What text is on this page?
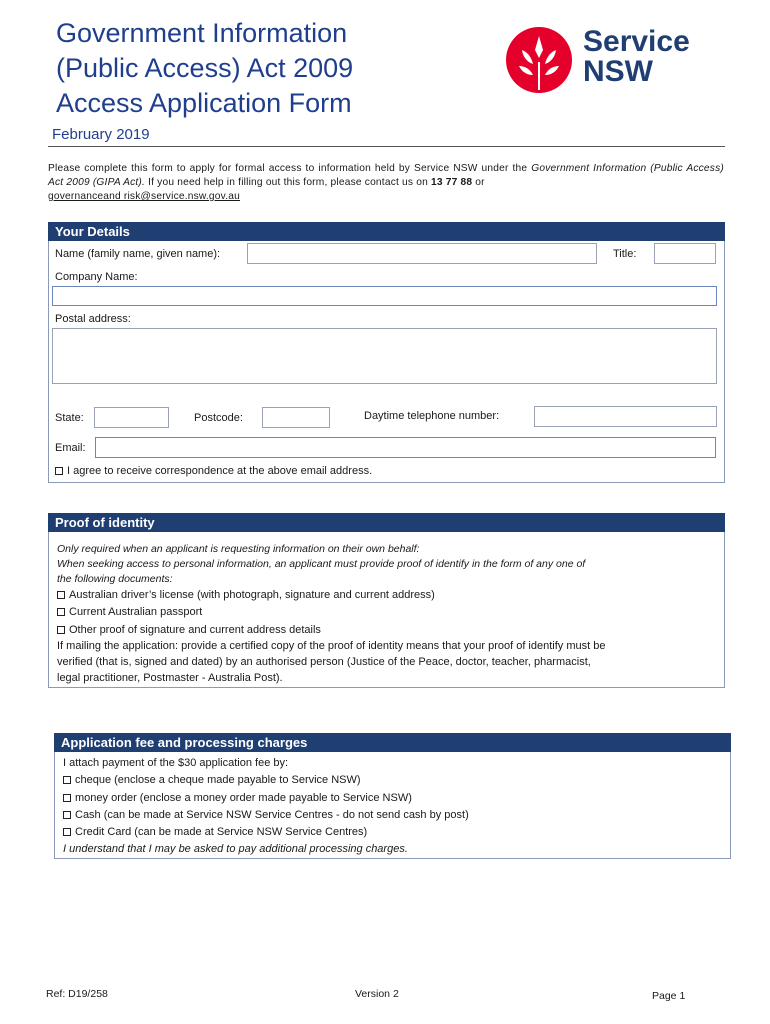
Government Information
(Public Access) Act 2009
Access Application Form
Service
NSW
February 2019
Please complete this form to apply for formal access to information held by Service NSW under the Government Information (Public Access) Act 2009 (GIPA Act). If you need help in filling out this form, please contact us on 13 77 88 or
governanceand risk@service.nsw.gov.au
Your Details
Name (family name, given name):	Title:
Company Name:
Postal address:
State:	Postcode:	Daytime telephone number:
Email:
I agree to receive correspondence at the above email address.
Proof of identity
Only required when an applicant is requesting information on their own behalf:
When seeking access to personal information, an applicant must provide proof of identify in the form of any one of
the following documents:
Australian driver’s license (with photograph, signature and current address)
Current Australian passport
Other proof of signature and current address details
If mailing the application: provide a certified copy of the proof of identity means that your proof of identify must be
verified (that is, signed and dated) by an authorised person (Justice of the Peace, doctor, teacher, pharmacist,
legal practitioner, Postmaster - Australia Post).
Application fee and processing charges
I attach payment of the $30 application fee by:
cheque (enclose a cheque made payable to Service NSW)
money order (enclose a money order made payable to Service NSW)
Cash (can be made at Service NSW Service Centres - do not send cash by post)
Credit Card (can be made at Service NSW Service Centres)
I understand that I may be asked to pay additional processing charges.
Ref: D19/258	Version 2	Page 1
